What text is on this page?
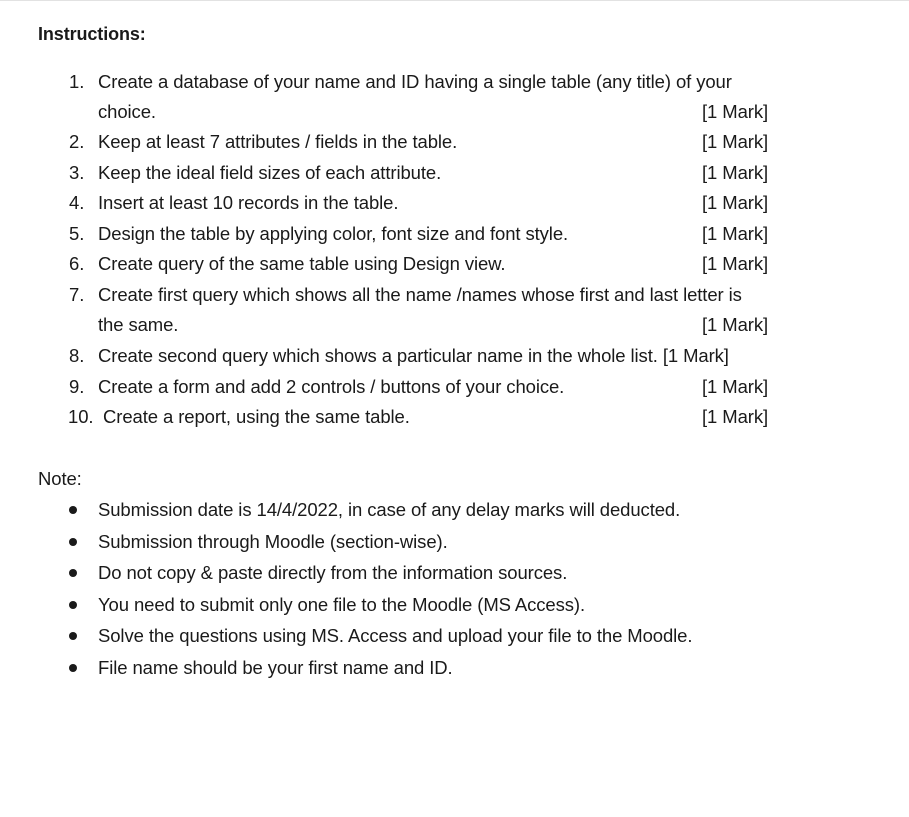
Instructions:
1. Create a database of your name and ID having a single table (any title) of your
choice.	[1 Mark]
2. Keep at least 7 attributes / fields in the table.	[1 Mark]
3. Keep the ideal field sizes of each attribute.	[1 Mark]
4. Insert at least 10 records in the table.	[1 Mark]
5. Design the table by applying color, font size and font style.	[1 Mark]
6. Create query of the same table using Design view.	[1 Mark]
7. Create first query which shows all the name /names whose first and last letter is
the same.	[1 Mark]
8. Create second query which shows a particular name in the whole list. [1 Mark]
9. Create a form and add 2 controls / buttons of your choice.	[1 Mark]
10. Create a report, using the same table.	[1 Mark]
Note:
Submission date is 14/4/2022, in case of any delay marks will deducted.
Submission through Moodle (section-wise).
Do not copy & paste directly from the information sources.
You need to submit only one file to the Moodle (MS Access).
Solve the questions using MS. Access and upload your file to the Moodle.
File name should be your first name and ID.
